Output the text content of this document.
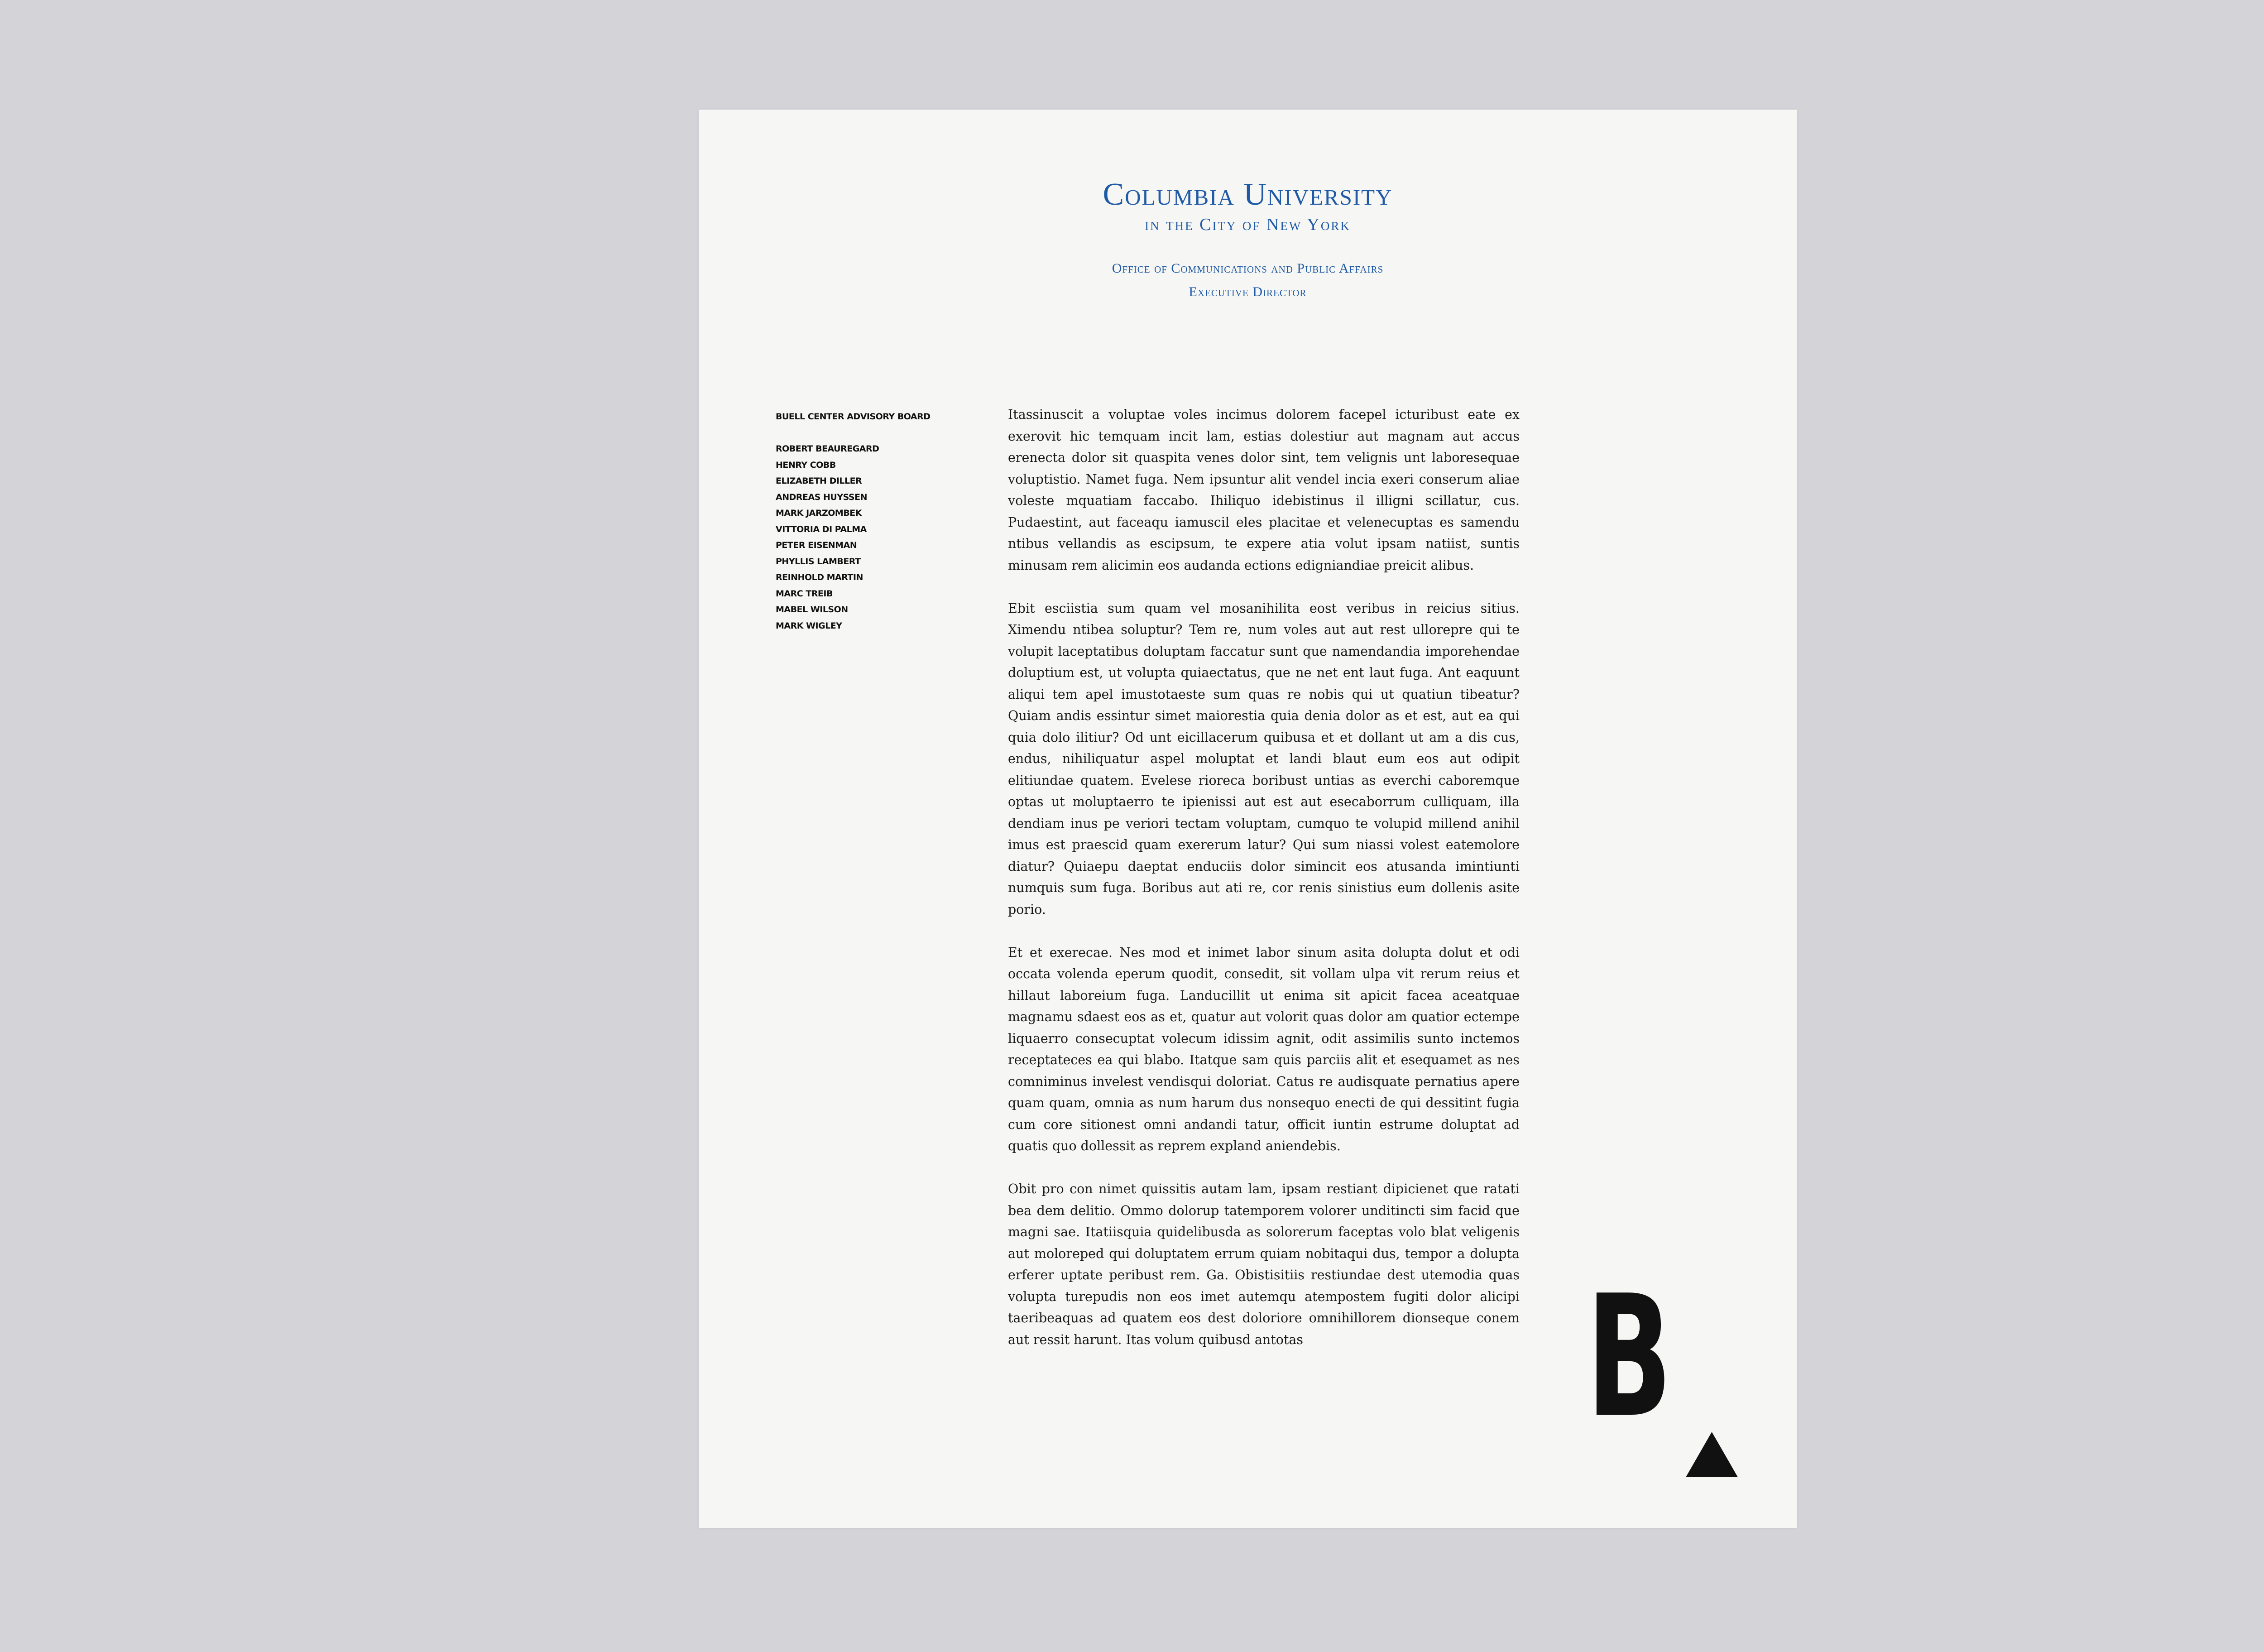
Columbia University
in the City of New York
Office of Communications and Public Affairs
Executive Director
BUELL CENTER ADVISORY BOARD
ROBERT BEAUREGARD
HENRY COBB
ELIZABETH DILLER
ANDREAS HUYSSEN
MARK JARZOMBEK
VITTORIA DI PALMA
PETER EISENMAN
PHYLLIS LAMBERT
REINHOLD MARTIN
MARC TREIB
MABEL WILSON
MARK WIGLEY

Itassinuscit a voluptae voles incimus dolorem facepel icturibust eate ex exerovit hic temquam incit lam, estias dolestiur aut magnam aut accus erenecta dolor sit quaspita venes dolor sint, tem velignis unt laboresequae voluptistio. Namet fuga. Nem ipsuntur alit vendel incia exeri conserum aliae voleste mquatiam faccabo. Ihiliquo idebistinus il illigni scillatur, cus. Pudaestint, aut faceaqu iamuscil eles placitae et velenecuptas es samendu ntibus vellandis as escipsum, te expere atia volut ipsam natiist, suntis minusam rem alicimin eos audanda ections edigniandiae preicit alibus.

Ebit esciistia sum quam vel mosanihilita eost veribus in reicius sitius. Ximendu ntibea soluptur? Tem re, num voles aut aut rest ullorepre qui te volupit laceptatibus doluptam faccatur sunt que namendandia imporehendae doluptium est, ut volupta quiaectatus, que ne net ent laut fuga. Ant eaquunt aliqui tem apel imustotaeste sum quas re nobis qui ut quatiun tibeatur? Quiam andis essintur simet maiorestia quia denia dolor as et est, aut ea qui quia dolo ilitiur? Od unt eicillacerum quibusa et et dollant ut am a dis cus, endus, nihiliquatur aspel moluptat et landi blaut eum eos aut odipit elitiundae quatem. Evelese rioreca boribust untias as everchi caboremque optas ut moluptaerro te ipienissi aut est aut esecaborrum culliquam, illa dendiam inus pe veriori tectam voluptam, cumquo te volupid millend anihil imus est praescid quam exererum latur? Qui sum niassi volest eatemolore diatur? Quiaepu daeptat enduciis dolor simincit eos atusanda imintiunti numquis sum fuga. Boribus aut ati re, cor renis sinistius eum dollenis asite porio.

Et et exerecae. Nes mod et inimet labor sinum asita dolupta dolut et odi occata volenda eperum quodit, consedit, sit vollam ulpa vit rerum reius et hillaut laboreium fuga. Landucillit ut enima sit apicit facea aceatquae magnamu sdaest eos as et, quatur aut volorit quas dolor am quatior ectempe liquaerro consecuptat volecum idissim agnit, odit assimilis sunto inctemos receptateces ea qui blabo. Itatque sam quis parciis alit et esequamet as nes comniminus invelest vendisqui doloriat. Catus re audisquate pernatius apere quam quam, omnia as num harum dus nonsequo enecti de qui dessitint fugia cum core sitionest omni andandi tatur, officit iuntin estrume doluptat ad quatis quo dollessit as reprem expland aniendebis.

Obit pro con nimet quissitis autam lam, ipsam restiant dipicienet que ratati bea dem delitio. Ommo dolorup tatemporem volorer unditincti sim facid que magni sae. Itatiisquia quidelibusda as solorerum faceptas volo blat veligenis aut moloreped qui doluptatem errum quiam nobitaqui dus, tempor a dolupta erferer uptate peribust rem. Ga. Obistisitiis restiundae dest utemodia quas volupta turepudis non eos imet autemqu atempostem fugiti dolor alicipi taeribeaquas ad quatem eos dest doloriore omnihillorem dionseque conem aut ressit harunt. Itas volum quibusd antotas	B
